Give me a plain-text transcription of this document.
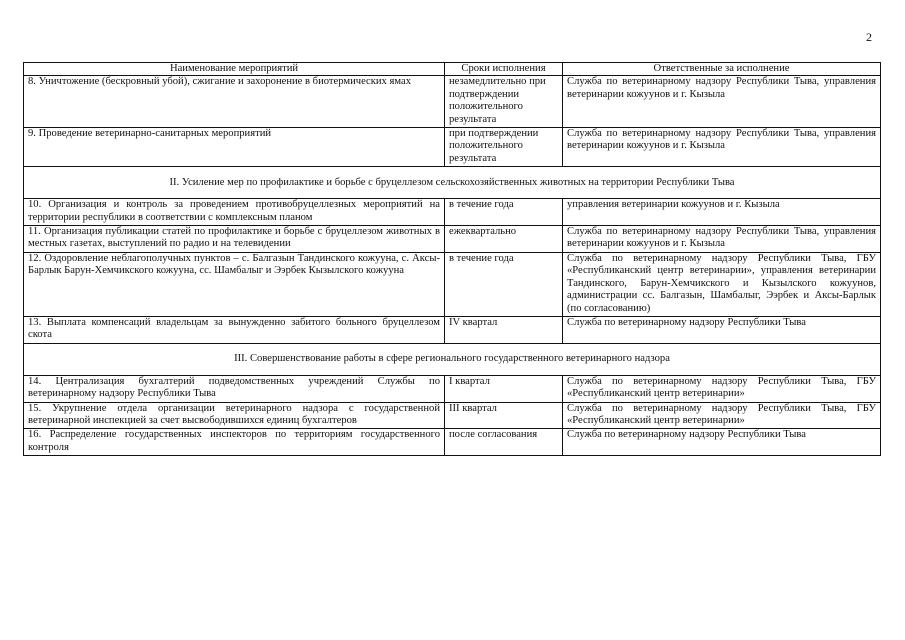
2
Наименование мероприятий	Сроки исполнения	Ответственные за исполнение
8. Уничтожение (бескровный убой), сжигание и захоронение в биотермических ямах	незамедлительно при подтверждении положительного результата	Служба по ветеринарному надзору Республики Тыва, управления ветеринарии кожуунов и г. Кызыла
9. Проведение ветеринарно-санитарных мероприятий	при подтверждении положительного результата	Служба по ветеринарному надзору Республики Тыва, управления ветеринарии кожуунов и г. Кызыла
II. Усиление мер по профилактике и борьбе с бруцеллезом сельскохозяйственных животных на территории Республики Тыва		
10. Организация и контроль за проведением противобруцеллезных мероприятий на территории республики в соответствии с комплексным планом	в течение года	управления ветеринарии кожуунов и г. Кызыла
11. Организация публикации статей по профилактике и борьбе с бруцеллезом животных в местных газетах, выступлений по радио и на телевидении	ежеквартально	Служба по ветеринарному надзору Республики Тыва, управления ветеринарии кожуунов и г. Кызыла
12. Оздоровление неблагополучных пунктов – с. Балгазын Тандинского кожууна, с. Аксы-Барлык Барун-Хемчикского кожууна, сс. Шамбалыг и Ээрбек Кызылского кожууна	в течение года	Служба по ветеринарному надзору Республики Тыва, ГБУ «Республиканский центр ветеринарии», управления ветеринарии Тандинского, Барун-Хемчикского и Кызылского кожуунов, администрации сс. Балгазын, Шамбалыг, Ээрбек и Аксы-Барлык (по согласованию)
13. Выплата компенсаций владельцам за вынужденно забитого больного бруцеллезом скота	IV квартал	Служба по ветеринарному надзору Республики Тыва
III. Совершенствование работы в сфере регионального государственного ветеринарного надзора		
14. Централизация бухгалтерий подведомственных учреждений Службы по ветеринарному надзору Республики Тыва	I квартал	Служба по ветеринарному надзору Республики Тыва, ГБУ «Республиканский центр ветеринарии»
15. Укрупнение отдела организации ветеринарного надзора с государственной ветеринарной инспекцией за счет высвободившихся единиц бухгалтеров	III квартал	Служба по ветеринарному надзору Республики Тыва, ГБУ «Республиканский центр ветеринарии»
16. Распределение государственных инспекторов по территориям государственного контроля	после согласования	Служба по ветеринарному надзору Республики Тыва
